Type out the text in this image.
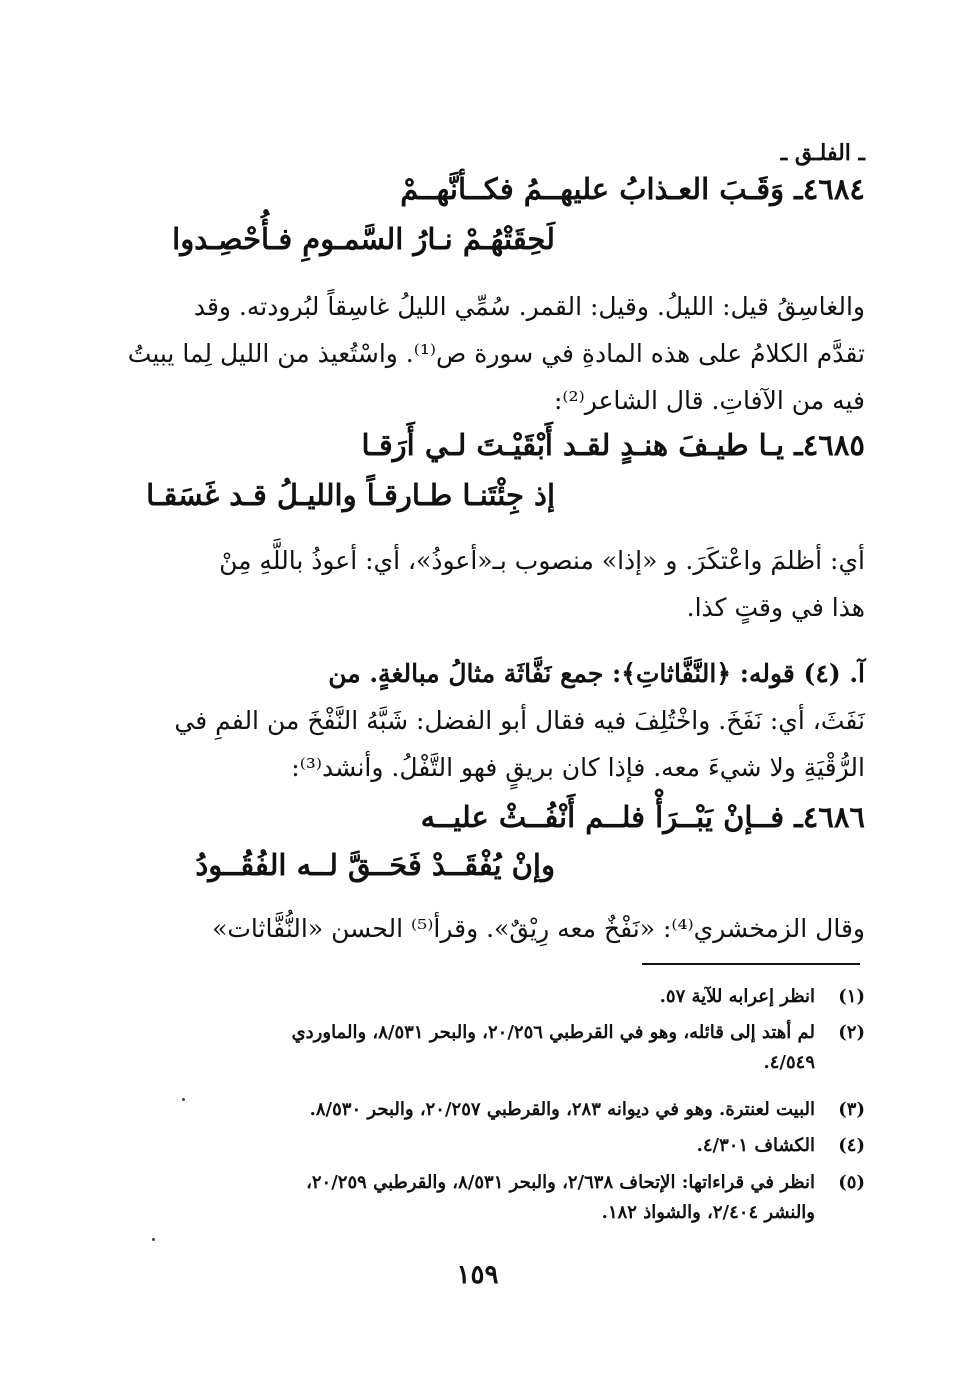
ـ الفلـق ـ
٤٦٨٤ـ وَقَـبَ العـذابُ عليهــمُ فكــأنَّهــمْ
لَحِقَتْهُـمْ نـارُ السَّمـومِ فـأُحْصِـدوا
والغاسِقُ قيل: الليلُ. وقيل: القمر. سُمِّي الليلُ غاسِقاً لبُرودته. وقد
تقدَّم الكلامُ على هذه المادةِ في سورة ص⁽¹⁾. واسْتُعيذ من الليل لِما يبيتُ
فيه من الآفاتِ. قال الشاعر⁽²⁾:
٤٦٨٥ـ يـا طيـفَ هنـدٍ لقـد أَبْقَيْـتَ لـي أَرَقـا
إذ جِئْتَنـا طـارقـاً والليـلُ قـد غَسَقـا
أي: أظلمَ واعْتكَرَ. و «إذا» منصوب بـ«أعوذُ»، أي: أعوذُ باللَّهِ مِنْ
هذا في وقتٍ كذا.
آ. (٤) قوله: ﴿النَّفَّاثاتِ﴾: جمع نَفَّاثَة مثالُ مبالغةٍ. من
نَفَثَ، أي: نَفَخَ. واخْتُلِفَ فيه فقال أبو الفضل: شَبَّهُ النَّفْخَ من الفمِ في
الرُّقْيَةِ ولا شيءَ معه. فإذا كان بريقٍ فهو التَّفْلُ. وأنشد⁽³⁾:
٤٦٨٦ـ فــإنْ يَبْــرَأْ فلــم أَنْفُــثْ عليــه
وإنْ يُفْقَــدْ فَحَــقَّ لــه الفُقُــودُ
وقال الزمخشري⁽⁴⁾: «نَفْخٌ معه رِيْقٌ». وقرأ⁽⁵⁾ الحسن «النُّفَّاثات»
(١)انظر إعرابه للآية ٥٧.
(٢)لم أهتد إلى قائله، وهو في القرطبي ٢٠/٢٥٦، والبحر ٨/٥٣١، والماوردي
٤/٥٤٩.
(٣)البيت لعنترة. وهو في ديوانه ٢٨٣، والقرطبي ٢٠/٢٥٧، والبحر ٨/٥٣٠.
(٤)الكشاف ٤/٣٠١.
(٥)انظر في قراءاتها: الإتحاف ٢/٦٣٨، والبحر ٨/٥٣١، والقرطبي ٢٠/٢٥٩،
والنشر ٢/٤٠٤، والشواذ ١٨٢.
١٥٩
